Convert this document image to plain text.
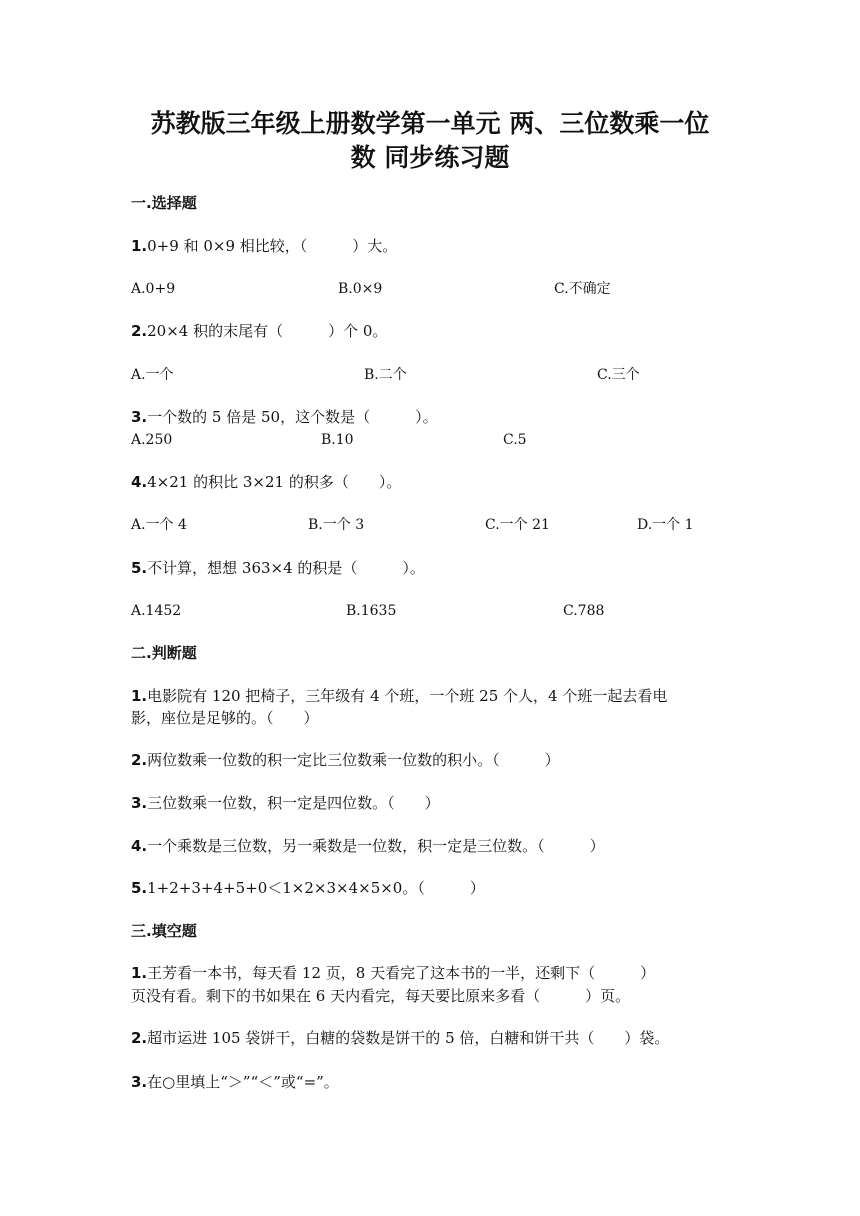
苏教版三年级上册数学第一单元 两、三位数乘一位
数 同步练习题
一.选择题
1.0+9 和 0×9 相比较，（　　　）大。
A.0+9	B.0×9	C.不确定
2.20×4 积的末尾有（　　　）个 0。
A.一个	B.二个	C.三个
3.一个数的 5 倍是 50，这个数是（　　　）。
A.250	B.10	C.5
4.4×21 的积比 3×21 的积多（　　）。
A.一个 4	B.一个 3	C.一个 21	D.一个 1
5.不计算，想想 363×4 的积是（　　　）。
A.1452	B.1635	C.788
二.判断题
1.电影院有 120 把椅子，三年级有 4 个班，一个班 25 个人，4 个班一起去看电
影，座位是足够的。（　　）
2.两位数乘一位数的积一定比三位数乘一位数的积小。（　　　）
3.三位数乘一位数，积一定是四位数。（　　）
4.一个乘数是三位数，另一乘数是一位数，积一定是三位数。（　　　）
5.1+2+3+4+5+0＜1×2×3×4×5×0。（　　　）
三.填空题
1.王芳看一本书，每天看 12 页，8 天看完了这本书的一半，还剩下（　　　）
页没有看。剩下的书如果在 6 天内看完，每天要比原来多看（　　　）页。
2.超市运进 105 袋饼干，白糖的袋数是饼干的 5 倍，白糖和饼干共（　　）袋。
3.在○里填上“＞”“＜”或“=”。
